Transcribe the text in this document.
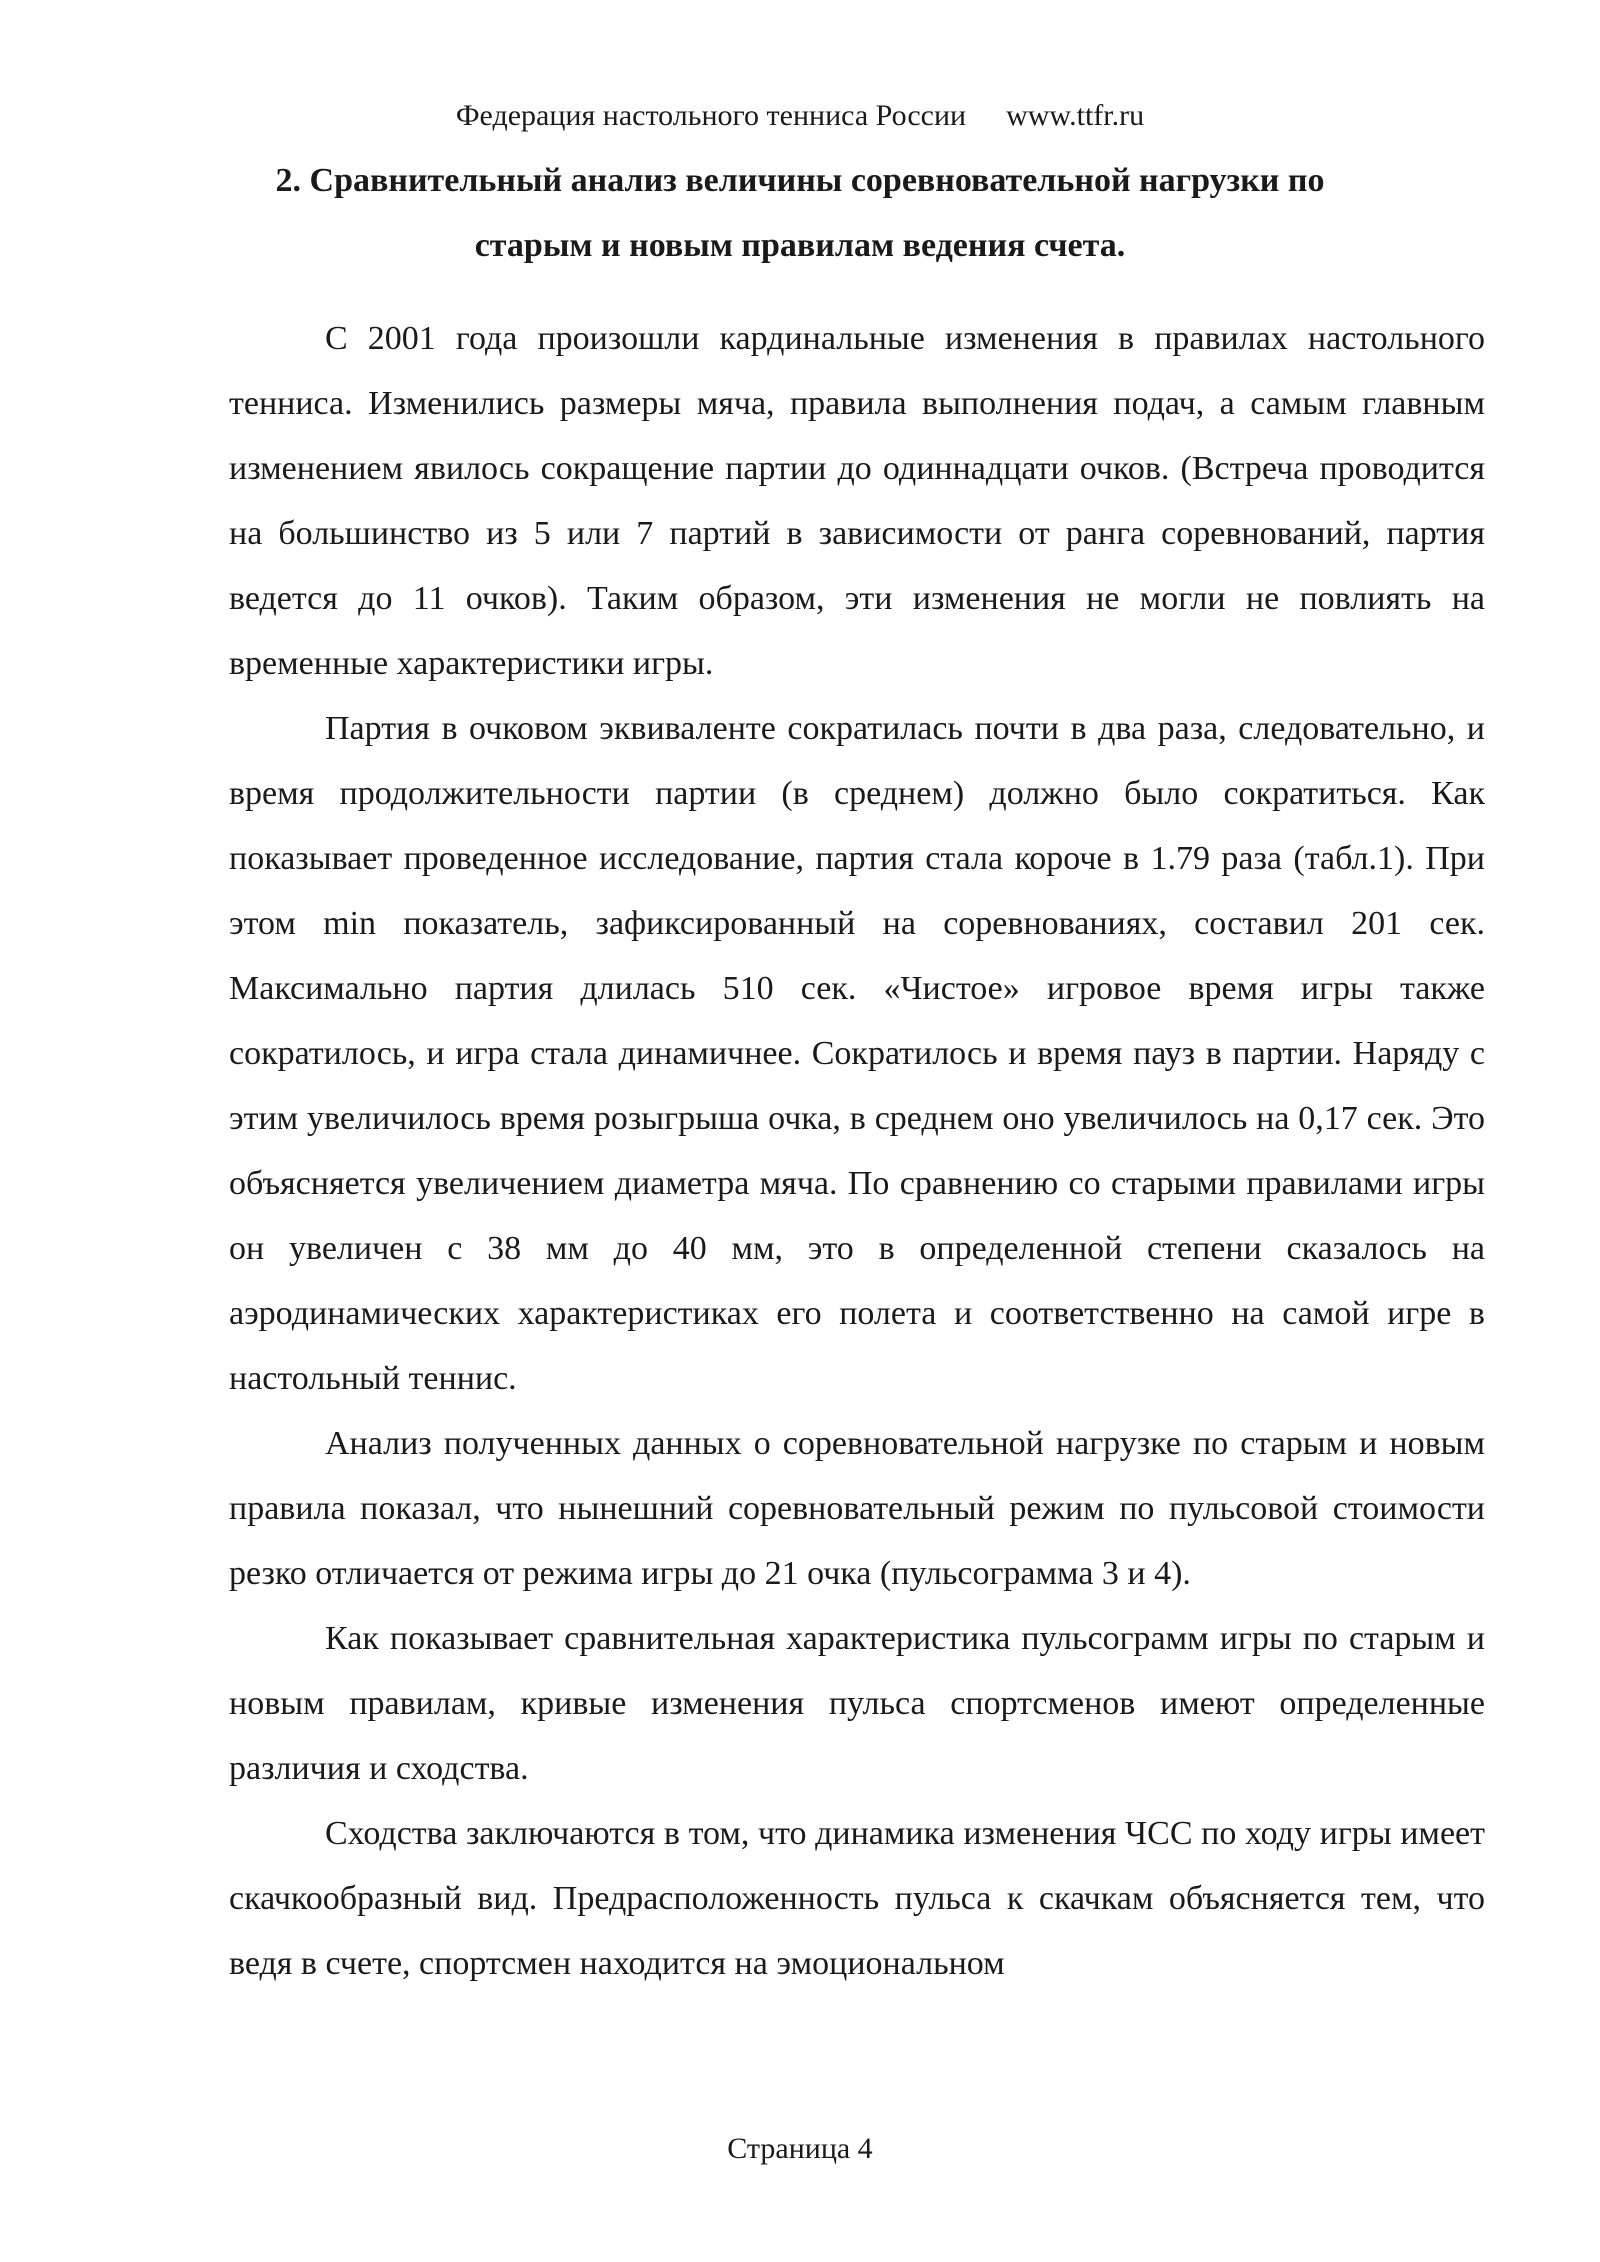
Федерация настольного тенниса России www.ttfr.ru
2. Сравнительный анализ величины соревновательной нагрузки по старым и новым правилам ведения счета.

С 2001 года произошли кардинальные изменения в правилах настольного тенниса. Изменились размеры мяча, правила выполнения подач, а самым главным изменением явилось сокращение партии до одиннадцати очков. (Встреча проводится на большинство из 5 или 7 партий в зависимости от ранга соревнований, партия ведется до 11 очков). Таким образом, эти изменения не могли не повлиять на временные характеристики игры.

Партия в очковом эквиваленте сократилась почти в два раза, следовательно, и время продолжительности партии (в среднем) должно было сократиться. Как показывает проведенное исследование, партия стала короче в 1.79 раза (табл.1). При этом min показатель, зафиксированный на соревнованиях, составил 201 сек. Максимально партия длилась 510 сек. «Чистое» игровое время игры также сократилось, и игра стала динамичнее. Сократилось и время пауз в партии. Наряду с этим увеличилось время розыгрыша очка, в среднем оно увеличилось на 0,17 сек. Это объясняется увеличением диаметра мяча. По сравнению со старыми правилами игры он увеличен с 38 мм до 40 мм, это в определенной степени сказалось на аэродинамических характеристиках его полета и соответственно на самой игре в настольный теннис.

Анализ полученных данных о соревновательной нагрузке по старым и новым правила показал, что нынешний соревновательный режим по пульсовой стоимости резко отличается от режима игры до 21 очка (пульсограмма 3 и 4).

Как показывает сравнительная характеристика пульсограмм игры по старым и новым правилам, кривые изменения пульса спортсменов имеют определенные различия и сходства.

Сходства заключаются в том, что динамика изменения ЧСС по ходу игры имеет скачкообразный вид. Предрасположенность пульса к скачкам объясняется тем, что ведя в счете, спортсмен находится на эмоциональном

Страница 4
